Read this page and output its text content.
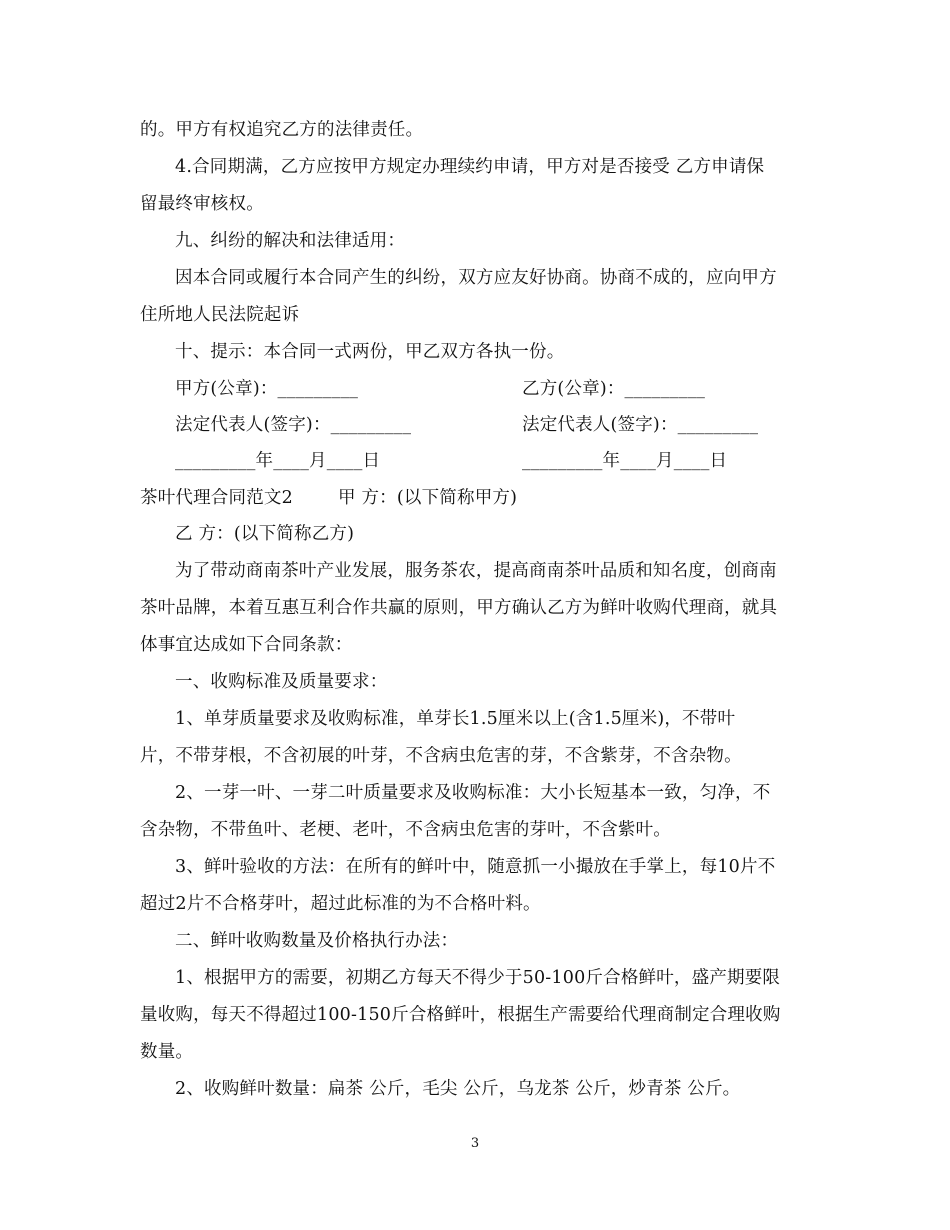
的。甲方有权追究乙方的法律责任。
4.合同期满，乙方应按甲方规定办理续约申请，甲方对是否接受 乙方申请保
留最终审核权。
九、纠纷的解决和法律适用：
因本合同或履行本合同产生的纠纷，双方应友好协商。协商不成的，应向甲方
住所地人民法院起诉
十、提示：本合同一式两份，甲乙双方各执一份。
甲方(公章)：_________	乙方(公章)：_________
法定代表人(签字)：_________	法定代表人(签字)：_________
_________年____月____日	_________年____月____日
茶叶代理合同范文2	甲 方：(以下简称甲方)
乙 方：(以下简称乙方)
为了带动商南茶叶产业发展，服务茶农，提高商南茶叶品质和知名度，创商南
茶叶品牌，本着互惠互利合作共赢的原则，甲方确认乙方为鲜叶收购代理商，就具
体事宜达成如下合同条款：
一、收购标准及质量要求：
1、单芽质量要求及收购标准，单芽长1.5厘米以上(含1.5厘米)，不带叶
片，不带芽根，不含初展的叶芽，不含病虫危害的芽，不含紫芽，不含杂物。
2、一芽一叶、一芽二叶质量要求及收购标准：大小长短基本一致，匀净，不
含杂物，不带鱼叶、老梗、老叶，不含病虫危害的芽叶，不含紫叶。
3、鲜叶验收的方法：在所有的鲜叶中，随意抓一小撮放在手掌上，每10片不
超过2片不合格芽叶，超过此标准的为不合格叶料。
二、鲜叶收购数量及价格执行办法：
1、根据甲方的需要，初期乙方每天不得少于50-100斤合格鲜叶，盛产期要限
量收购，每天不得超过100-150斤合格鲜叶，根据生产需要给代理商制定合理收购
数量。
2、收购鲜叶数量：扁茶 公斤，毛尖 公斤，乌龙茶 公斤，炒青茶 公斤。
3
